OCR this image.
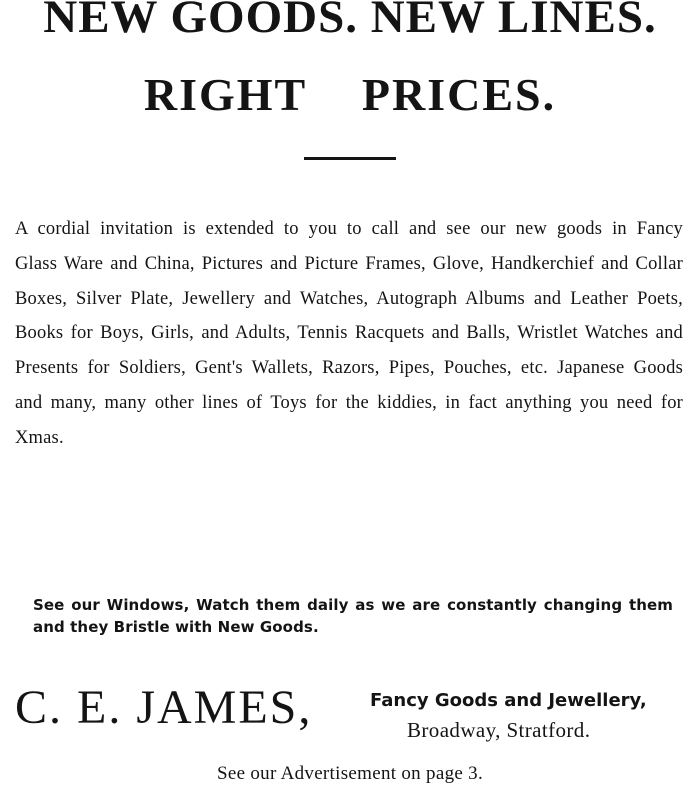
NEW GOODS. NEW LINES.
RIGHT PRICES.

A cordial invitation is extended to you to call and see our new goods in Fancy Glass Ware and China, Pictures and Picture Frames, Glove, Handkerchief and Collar Boxes, Silver Plate, Jewellery and Watches, Autograph Albums and Leather Poets, Books for Boys, Girls, and Adults, Tennis Racquets and Balls, Wristlet Watches and Presents for Soldiers, Gent's Wallets, Razors, Pipes, Pouches, etc. Japanese Goods and many, many other lines of Toys for the kiddies, in fact anything you need for Xmas.

See our Windows, Watch them daily as we are constantly changing them and they Bristle with New Goods.

C. E. JAMES,	Fancy Goods and Jewellery,
Broadway, Stratford.
See our Advertisement on page 3.
